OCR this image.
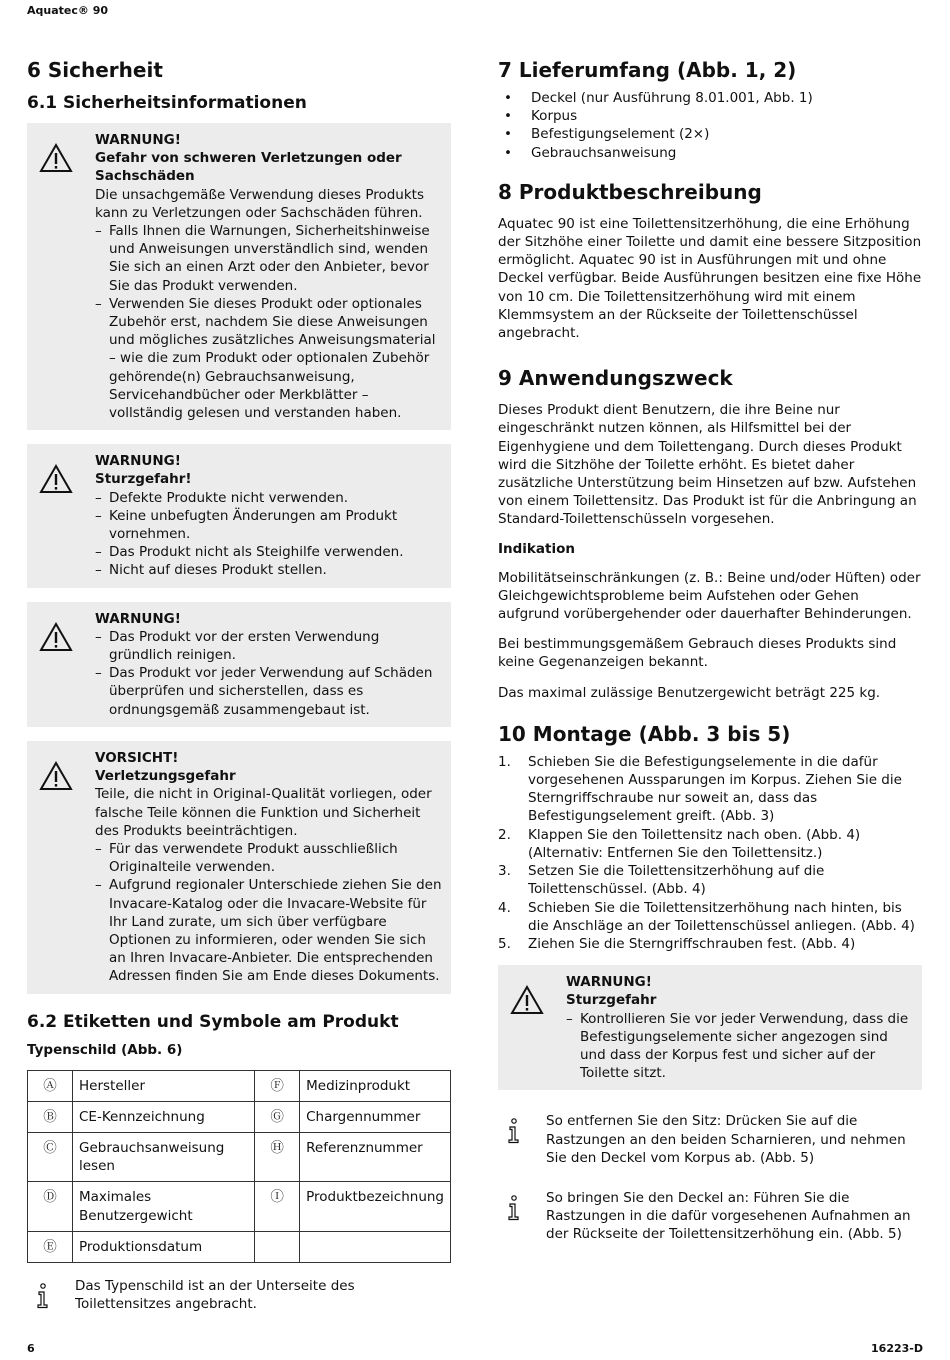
Aquatec® 90
6 Sicherheit
6.1 Sicherheitsinformationen
WARNUNG!
Gefahr von schweren Verletzungen oder Sachschäden
Die unsachgemäße Verwendung dieses Produkts kann zu Verletzungen oder Sachschäden führen.
– Falls Ihnen die Warnungen, Sicherheitshinweise und Anweisungen unverständlich sind, wenden Sie sich an einen Arzt oder den Anbieter, bevor Sie das Produkt verwenden.
– Verwenden Sie dieses Produkt oder optionales Zubehör erst, nachdem Sie diese Anweisungen und mögliches zusätzliches Anweisungsmaterial – wie die zum Produkt oder optionalen Zubehör gehörende(n) Gebrauchsanweisung, Servicehandbücher oder Merkblätter – vollständig gelesen und verstanden haben.
WARNUNG!
Sturzgefahr!
– Defekte Produkte nicht verwenden.
– Keine unbefugten Änderungen am Produkt vornehmen.
– Das Produkt nicht als Steighilfe verwenden.
– Nicht auf dieses Produkt stellen.
WARNUNG!
– Das Produkt vor der ersten Verwendung gründlich reinigen.
– Das Produkt vor jeder Verwendung auf Schäden überprüfen und sicherstellen, dass es ordnungsgemäß zusammengebaut ist.
VORSICHT!
Verletzungsgefahr
Teile, die nicht in Original-Qualität vorliegen, oder falsche Teile können die Funktion und Sicherheit des Produkts beeinträchtigen.
– Für das verwendete Produkt ausschließlich Originalteile verwenden.
– Aufgrund regionaler Unterschiede ziehen Sie den Invacare-Katalog oder die Invacare-Website für Ihr Land zurate, um sich über verfügbare Optionen zu informieren, oder wenden Sie sich an Ihren Invacare-Anbieter. Die entsprechenden Adressen finden Sie am Ende dieses Dokuments.
6.2 Etiketten und Symbole am Produkt
Typenschild (Abb. 6)
Ⓐ	Hersteller	Ⓕ	Medizinprodukt
Ⓑ	CE-Kennzeichnung	Ⓖ	Chargennummer
Ⓒ	Gebrauchsanweisung lesen	Ⓗ	Referenznummer
Ⓓ	Maximales Benutzergewicht	Ⓘ	Produktbezeichnung
Ⓔ	Produktionsdatum		
Das Typenschild ist an der Unterseite des Toilettensitzes angebracht.
7 Lieferumfang (Abb. 1, 2)
•	Deckel (nur Ausführung 8.01.001, Abb. 1)
•	Korpus
•	Befestigungselement (2×)
•	Gebrauchsanweisung
8 Produktbeschreibung

Aquatec 90 ist eine Toilettensitzerhöhung, die eine Erhöhung der Sitzhöhe einer Toilette und damit eine bessere Sitzposition ermöglicht. Aquatec 90 ist in Ausführungen mit und ohne Deckel verfügbar. Beide Ausführungen besitzen eine fixe Höhe von 10 cm. Die Toilettensitzerhöhung wird mit einem Klemmsystem an der Rückseite der Toilettenschüssel angebracht.

9 Anwendungszweck

Dieses Produkt dient Benutzern, die ihre Beine nur eingeschränkt nutzen können, als Hilfsmittel bei der Eigenhygiene und dem Toilettengang. Durch dieses Produkt wird die Sitzhöhe der Toilette erhöht. Es bietet daher zusätzliche Unterstützung beim Hinsetzen auf bzw. Aufstehen von einem Toilettensitz. Das Produkt ist für die Anbringung an Standard-Toilettenschüsseln vorgesehen.

Indikation

Mobilitätseinschränkungen (z. B.: Beine und/oder Hüften) oder Gleichgewichtsprobleme beim Aufstehen oder Gehen aufgrund vorübergehender oder dauerhafter Behinderungen.

Bei bestimmungsgemäßem Gebrauch dieses Produkts sind keine Gegenanzeigen bekannt.

Das maximal zulässige Benutzergewicht beträgt 225 kg.

10 Montage (Abb. 3 bis 5)
1.	Schieben Sie die Befestigungselemente in die dafür vorgesehenen Aussparungen im Korpus. Ziehen Sie die Sterngriffschraube nur soweit an, dass das Befestigungselement greift. (Abb. 3)
2.	Klappen Sie den Toilettensitz nach oben. (Abb. 4) (Alternativ: Entfernen Sie den Toilettensitz.)
3.	Setzen Sie die Toilettensitzerhöhung auf die Toilettenschüssel. (Abb. 4)
4.	Schieben Sie die Toilettensitzerhöhung nach hinten, bis die Anschläge an der Toilettenschüssel anliegen. (Abb. 4)
5.	Ziehen Sie die Sterngriffschrauben fest. (Abb. 4)
WARNUNG!
Sturzgefahr
– Kontrollieren Sie vor jeder Verwendung, dass die Befestigungselemente sicher angezogen sind und dass der Korpus fest und sicher auf der Toilette sitzt.
So entfernen Sie den Sitz: Drücken Sie auf die Rastzungen an den beiden Scharnieren, und nehmen Sie den Deckel vom Korpus ab. (Abb. 5)
So bringen Sie den Deckel an: Führen Sie die Rastzungen in die dafür vorgesehenen Aufnahmen an der Rückseite der Toilettensitzerhöhung ein. (Abb. 5)
6	16223-D
